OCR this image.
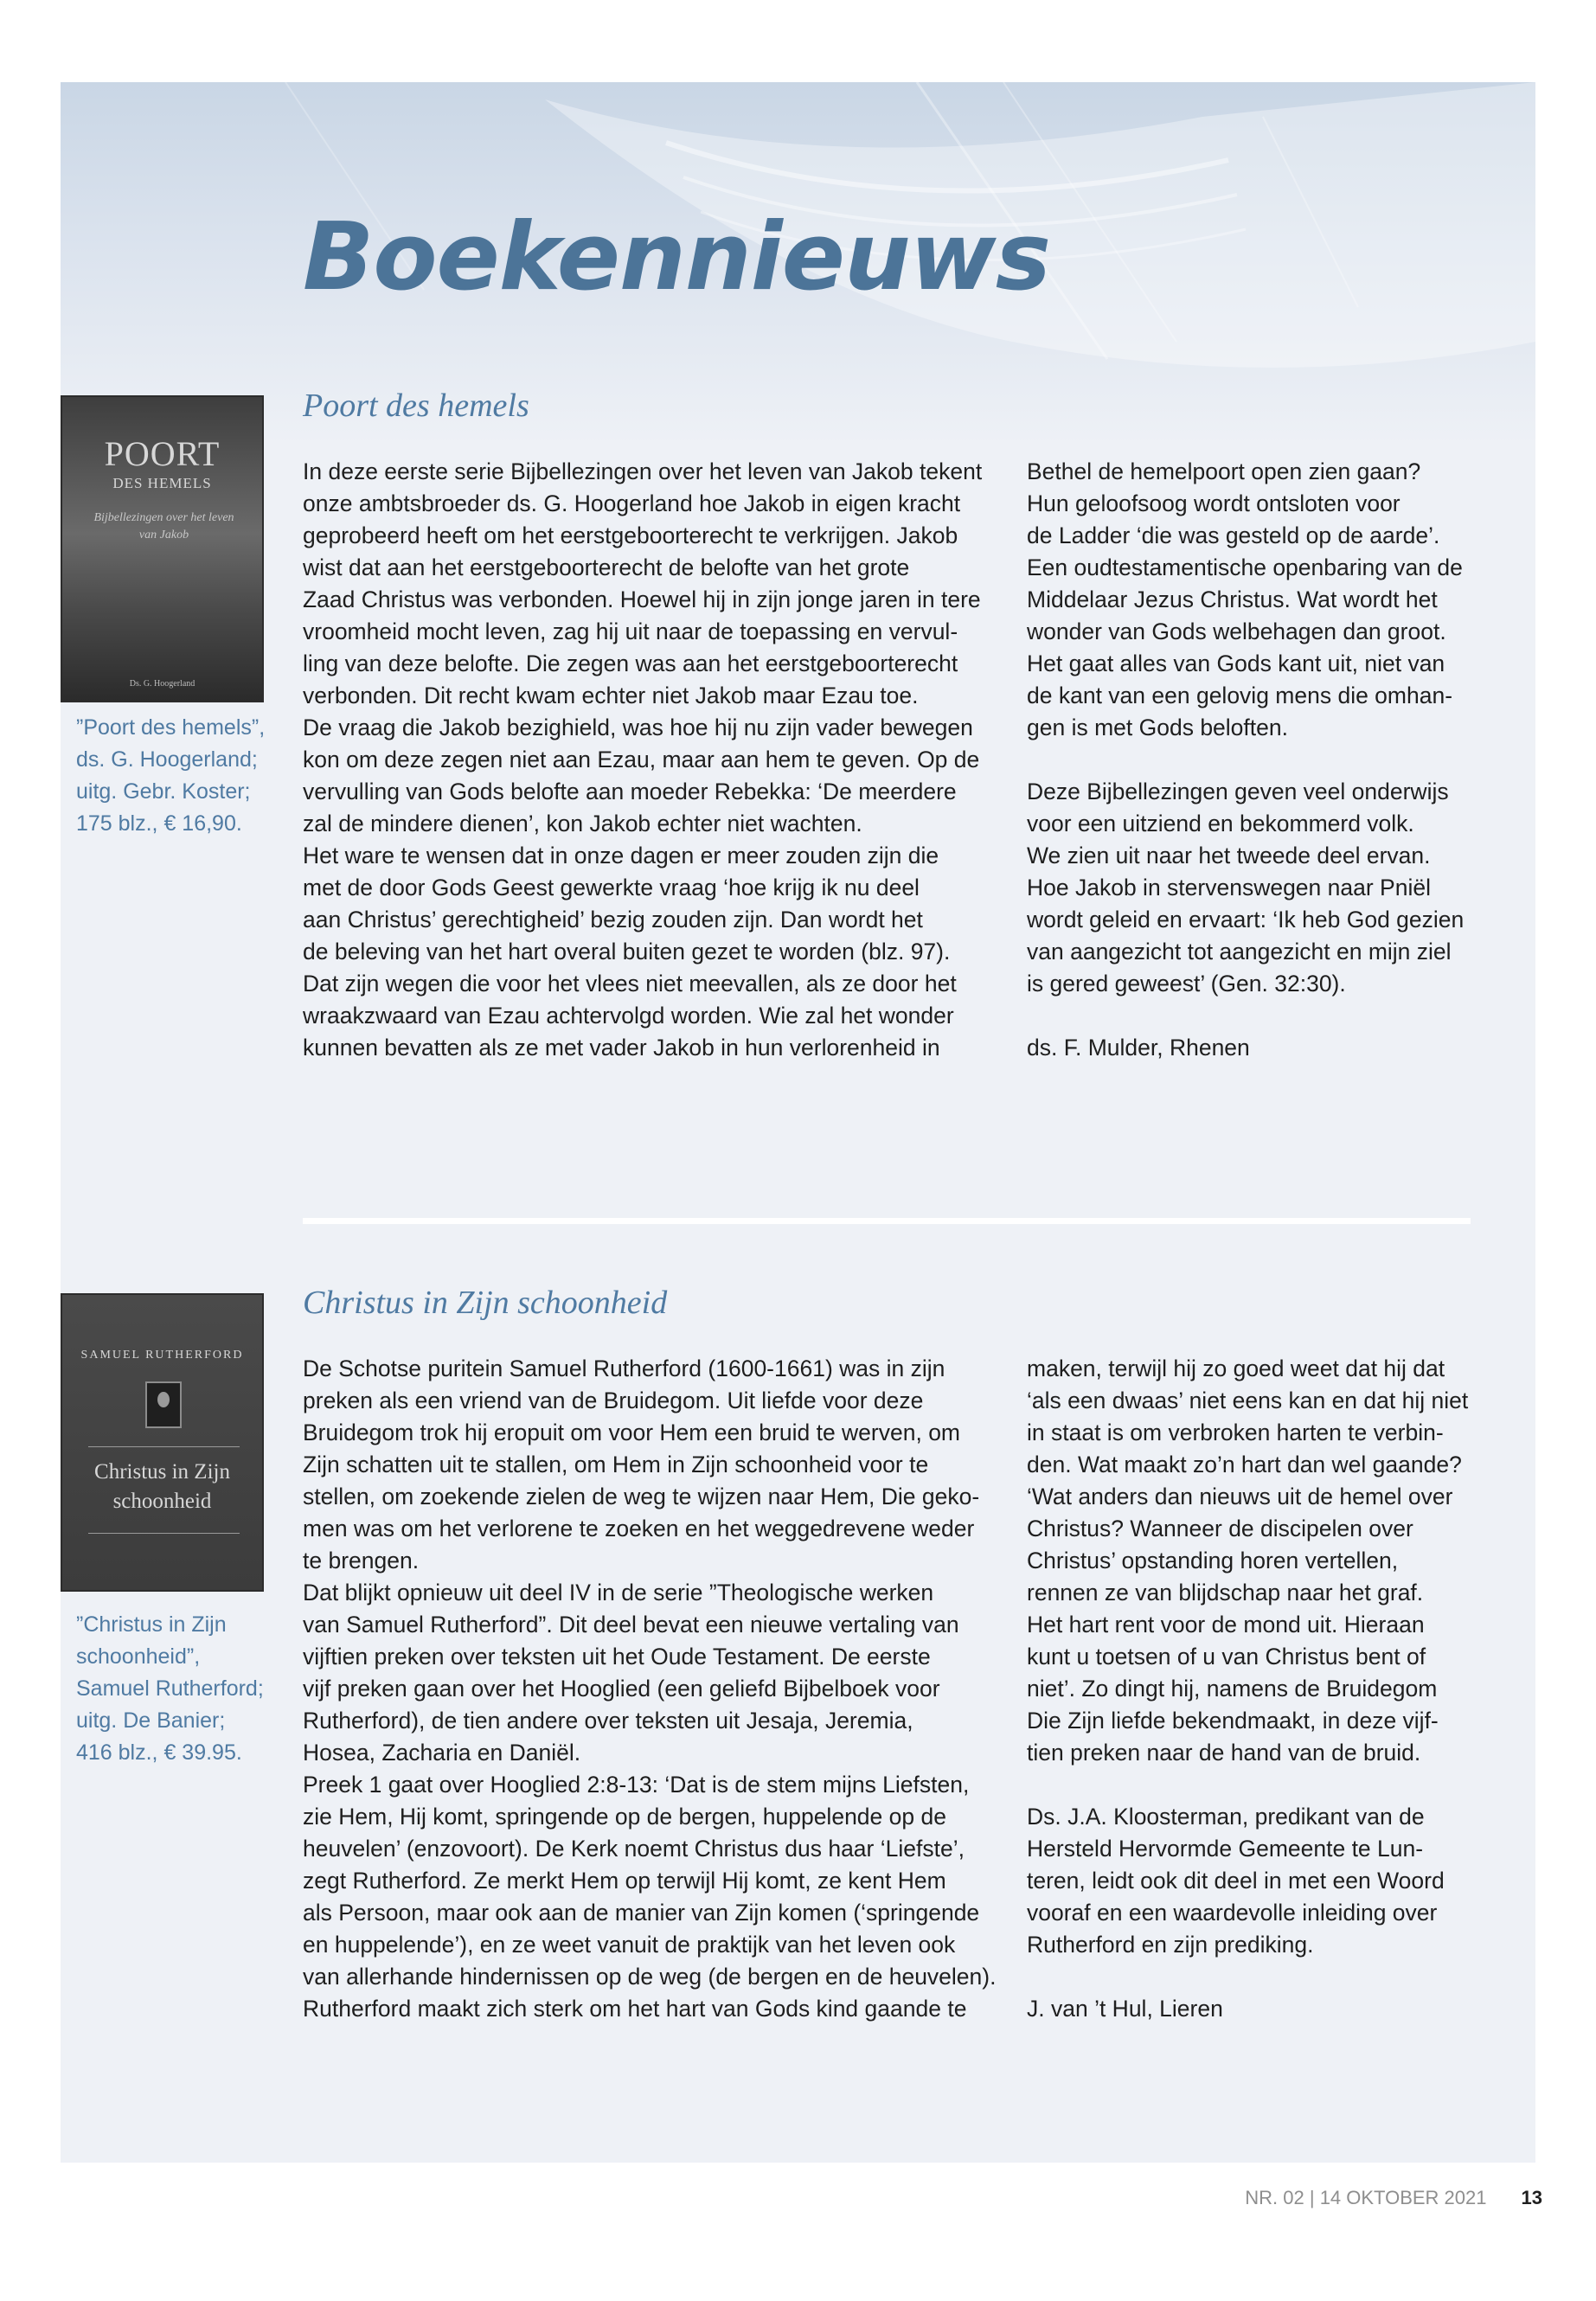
Boekennieuws
Poort des hemels
POORT
DES HEMELS
Bijbellezingen over het leven van Jakob
Ds. G. Hoogerland
”Poort des hemels”,
ds. G. Hoogerland;
uitg. Gebr. Koster;
175 blz., € 16,90.
In deze eerste serie Bijbellezingen over het leven van Jakob tekent
onze ambtsbroeder ds. G. Hoogerland hoe Jakob in eigen kracht
geprobeerd heeft om het eerstgeboorterecht te verkrijgen. Jakob
wist dat aan het eerstgeboorterecht de belofte van het grote
Zaad Christus was verbonden. Hoewel hij in zijn jonge jaren in tere
vroomheid mocht leven, zag hij uit naar de toepassing en vervul-
ling van deze belofte. Die zegen was aan het eerstgeboorterecht
verbonden. Dit recht kwam echter niet Jakob maar Ezau toe.
De vraag die Jakob bezighield, was hoe hij nu zijn vader bewegen
kon om deze zegen niet aan Ezau, maar aan hem te geven. Op de
vervulling van Gods belofte aan moeder Rebekka: ‘De meerdere
zal de mindere dienen’, kon Jakob echter niet wachten.
Het ware te wensen dat in onze dagen er meer zouden zijn die
met de door Gods Geest gewerkte vraag ‘hoe krijg ik nu deel
aan Christus’ gerechtigheid’ bezig zouden zijn. Dan wordt het
de beleving van het hart overal buiten gezet te worden (blz. 97).
Dat zijn wegen die voor het vlees niet meevallen, als ze door het
wraakzwaard van Ezau achtervolgd worden. Wie zal het wonder
kunnen bevatten als ze met vader Jakob in hun verlorenheid in
Bethel de hemelpoort open zien gaan?
Hun geloofsoog wordt ontsloten voor
de Ladder ‘die was gesteld op de aarde’.
Een oudtestamentische openbaring van de
Middelaar Jezus Christus. Wat wordt het
wonder van Gods welbehagen dan groot.
Het gaat alles van Gods kant uit, niet van
de kant van een gelovig mens die omhan-
gen is met Gods beloften.

Deze Bijbellezingen geven veel onderwijs
voor een uitziend en bekommerd volk.
We zien uit naar het tweede deel ervan.
Hoe Jakob in stervenswegen naar Pniël
wordt geleid en ervaart: ‘Ik heb God gezien
van aangezicht tot aangezicht en mijn ziel
is gered geweest’ (Gen. 32:30).

ds. F. Mulder, Rhenen
Christus in Zijn schoonheid
SAMUEL RUTHERFORD
Christus in Zijn schoonheid
”Christus in Zijn
schoonheid”,
Samuel Rutherford;
uitg. De Banier;
416 blz., € 39.95.
De Schotse puritein Samuel Rutherford (1600-1661) was in zijn
preken als een vriend van de Bruidegom. Uit liefde voor deze
Bruidegom trok hij eropuit om voor Hem een bruid te werven, om
Zijn schatten uit te stallen, om Hem in Zijn schoonheid voor te
stellen, om zoekende zielen de weg te wijzen naar Hem, Die geko-
men was om het verlorene te zoeken en het weggedrevene weder
te brengen.
Dat blijkt opnieuw uit deel IV in de serie ”Theologische werken
van Samuel Rutherford”. Dit deel bevat een nieuwe vertaling van
vijftien preken over teksten uit het Oude Testament. De eerste
vijf preken gaan over het Hooglied (een geliefd Bijbelboek voor
Rutherford), de tien andere over teksten uit Jesaja, Jeremia,
Hosea, Zacharia en Daniël.
Preek 1 gaat over Hooglied 2:8-13: ‘Dat is de stem mijns Liefsten,
zie Hem, Hij komt, springende op de bergen, huppelende op de
heuvelen’ (enzovoort). De Kerk noemt Christus dus haar ‘Liefste’,
zegt Rutherford. Ze merkt Hem op terwijl Hij komt, ze kent Hem
als Persoon, maar ook aan de manier van Zijn komen (‘springende
en huppelende’), en ze weet vanuit de praktijk van het leven ook
van allerhande hindernissen op de weg (de bergen en de heuvelen).
Rutherford maakt zich sterk om het hart van Gods kind gaande te
maken, terwijl hij zo goed weet dat hij dat
‘als een dwaas’ niet eens kan en dat hij niet
in staat is om verbroken harten te verbin-
den. Wat maakt zo’n hart dan wel gaande?
‘Wat anders dan nieuws uit de hemel over
Christus? Wanneer de discipelen over
Christus’ opstanding horen vertellen,
rennen ze van blijdschap naar het graf.
Het hart rent voor de mond uit. Hieraan
kunt u toetsen of u van Christus bent of
niet’. Zo dingt hij, namens de Bruidegom
Die Zijn liefde bekendmaakt, in deze vijf-
tien preken naar de hand van de bruid.

Ds. J.A. Kloosterman, predikant van de
Hersteld Hervormde Gemeente te Lun-
teren, leidt ook dit deel in met een Woord
vooraf en een waardevolle inleiding over
Rutherford en zijn prediking.

J. van ’t Hul, Lieren
NR. 02 | 14 OKTOBER 2021 13
